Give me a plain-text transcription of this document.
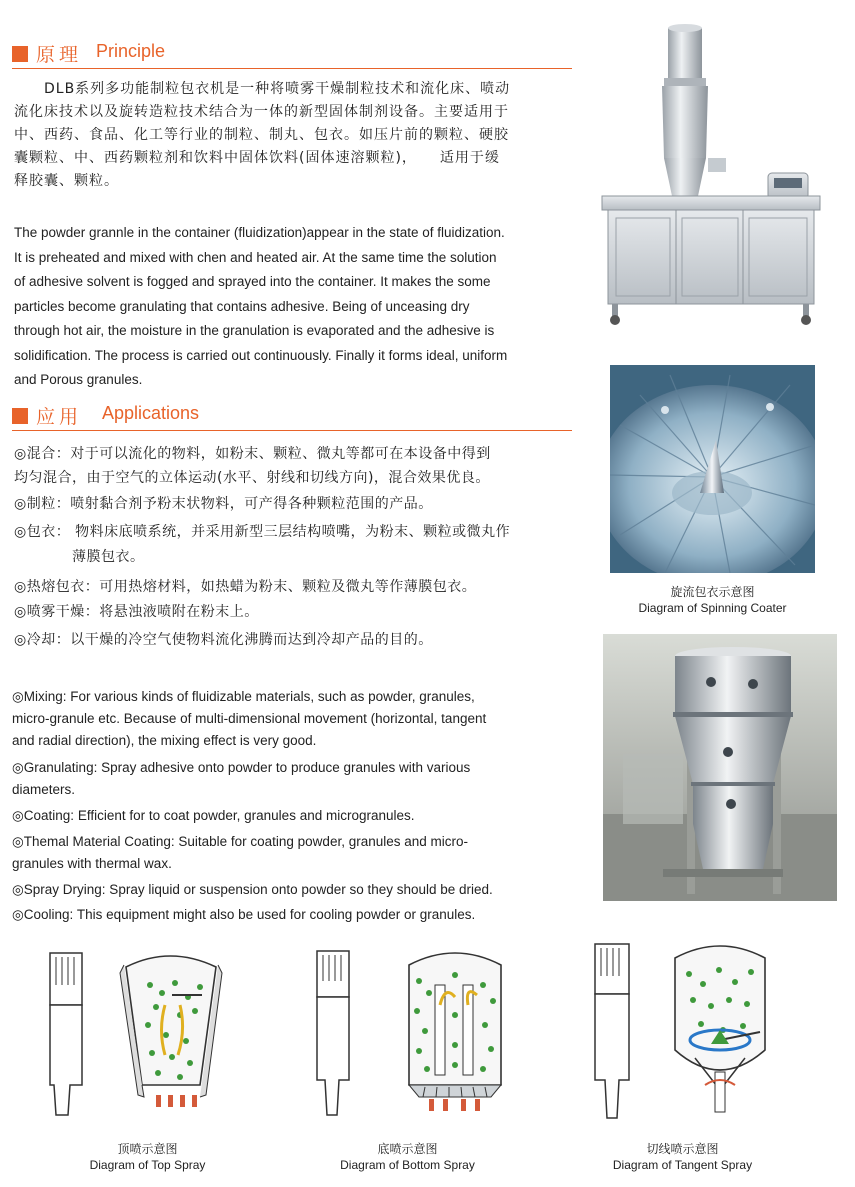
原理 Principle
DLB系列多功能制粒包衣机是一种将喷雾干燥制粒技术和流化床、喷动
流化床技术以及旋转造粒技术结合为一体的新型固体制剂设备。主要适用于
中、西药、食品、化工等行业的制粒、制丸、包衣。如压片前的颗粒、硬胶
囊颗粒、中、西药颗粒剂和饮料中固体饮料(固体速溶颗粒)，　　适用于缓
释胶囊、颗粒。
The powder grannle in the container (fluidization)appear in the state of fluidization.
It is preheated and mixed with chen and heated air. At the same time the solution
of adhesive solvent is fogged and sprayed into the container. It makes the some
particles become granulating that contains adhesive. Being of unceasing dry
through hot air, the moisture in the granulation is evaporated and the adhesive is
solidification. The process is carried out continuously. Finally it forms ideal, uniform
and Porous granules.
应用 Applications
◎混合：对于可以流化的物料，如粉末、颗粒、微丸等都可在本设备中得到
均匀混合，由于空气的立体运动(水平、射线和切线方向)，混合效果优良。
◎制粒：喷射黏合剂予粉末状物料，可产得各种颗粒范围的产品。
◎包衣： 物料床底喷系统，并采用新型三层结构喷嘴，为粉末、颗粒或微丸作
　　　　薄膜包衣。
◎热熔包衣：可用热熔材料，如热蜡为粉末、颗粒及微丸等作薄膜包衣。
◎喷雾干燥：将悬浊液喷附在粉末上。
◎冷却：以干燥的冷空气使物料流化沸腾而达到冷却产品的目的。
◎Mixing: For various kinds of fluidizable materials, such as powder, granules,
micro-granule etc. Because of multi-dimensional movement (horizontal, tangent
and radial direction), the mixing effect is very good.
◎Granulating: Spray adhesive onto powder to produce granules with various
diameters.
◎Coating: Efficient for to coat powder, granules and microgranules.
◎Themal Material Coating: Suitable for coating powder, granules and micro-
granules with thermal wax.
◎Spray Drying: Spray liquid or suspension onto powder so they should be dried.
◎Cooling: This equipment might also be used for cooling powder or granules.
旋流包衣示意图
Diagram of Spinning Coater
顶喷示意图
Diagram of Top Spray
底喷示意图
Diagram of Bottom Spray
切线喷示意图
Diagram of Tangent Spray
